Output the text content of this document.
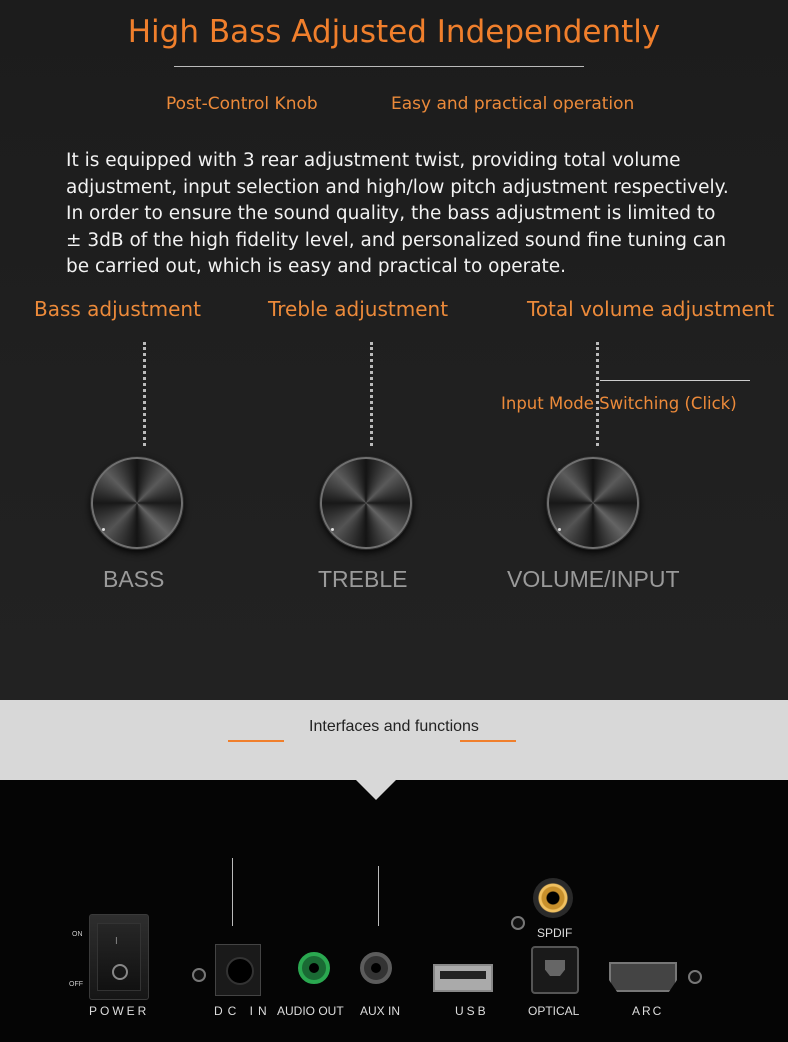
High Bass Adjusted Independently
Post-Control Knob	Easy and practical operation
It is equipped with 3 rear adjustment twist, providing total volume
adjustment, input selection and high/low pitch adjustment respectively.
In order to ensure the sound quality, the bass adjustment is limited to
± 3dB of the high fidelity level, and personalized sound fine tuning can
be carried out, which is easy and practical to operate.
Bass adjustment	Treble adjustment	Total volume adjustment
Input Mode Switching (Click)
BASS	TREBLE	VOLUME/INPUT
Interfaces and functions
ON
OFF
I
POWER	DC IN AUDIO OUT AUX IN	USB
SPDIF
OPTICAL	ARC
